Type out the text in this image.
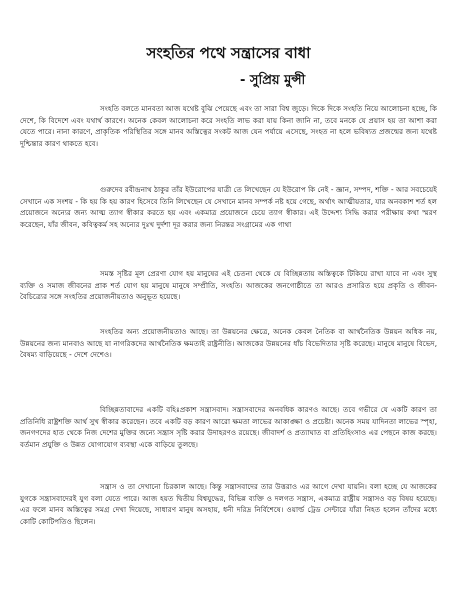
সংহতির পথে সন্ত্রাসের বাধা
- সুপ্রিয় মুন্সী

সংহতি বলতে মানবতা আজ যথেষ্ট বুঝি পেয়েছে এবং তা সারা বিশ্ব জুড়ে। দিকে দিকে সংহতি নিয়ে আলোচনা হচ্ছে, কি দেশে, কি বিদেশে এবং যথার্থ কারণে। অনেক কেবল আলোচনা করে সংহতি লাভ করা যায় কিনা জানি না, তবে মনকে যে প্রয়াস হয় তা আশা করা যেতে পারে। নানা কারণে, প্রাকৃতিক পরিস্থিতির সঙ্গে মানব অস্তিত্বের সংকট আজ যেন পর্যায়ে এসেছে, সংহত না হলে ভবিষ্যত প্রজন্মের জন্য যথেষ্ট দুশ্চিন্তার কারণ থাকতে হবে।

গুরুদেব রবীন্দ্রনাথ ঠাকুর তাঁর ইউরোপের যাত্রী তে লিখেছেন যে ইউরোপ কি নেই - জ্ঞান, সম্পদ, শক্তি - আর সবচেয়েই সেখানে এক সংশয় - কি হয় কি হয় কারণ হিসেবে তিনি লিখেছেন যে সেখানে মানব সম্পর্ক নষ্ট হয়ে গেছে, অর্থাৎ আত্মীয়তার, যার অনবকাশ শর্ত হল প্রয়োজনে অন্যের জন্য আত্ম ত্যাগ স্বীকার করতে হয় এবং একমাত্র প্রয়োজনে চেয়ে ত্যাগ স্বীকার। এই উদ্দেশ্য সিদ্ধি করার পরীক্ষায় কথা স্মরণ করেছেন, যাঁর জীবন, কবিত্বকর্ম সহ অন্যের দুঃখ দুর্দশা দূর করার জন্য নিরন্তর সংগ্রামের এক গাথা

সমস্ত সৃষ্টির মূল প্রেরণা যোগ হয় মানুষের এই চেতনা থেকে যে বিচ্ছিন্নতায় অস্তিত্বকে টিকিয়ে রাখা যাবে না এবং সুস্থ ব্যক্তি ও সমাজ জীবনের প্রাক শর্ত যোগ হয় মানুষে মানুষে সম্প্রীতি, সংহতি। আজকের জনগোষ্ঠীতে তা আরও প্রসারিত হয়ে প্রকৃতি ও জীবন-বৈচিত্র্যের সঙ্গে সংহতির প্রয়োজনীয়তাও অনুভূত হয়েছে।

সংহতির অন্য প্রয়োজনীয়তাও আছে। তা উন্নয়নের ক্ষেত্রে, অনেক কেবল নৈতিক বা আর্থনৈতিক উন্নয়ন অধিক নয়, উন্নয়নের জন্য মানবাও আছে যা নাগরিকদের আর্থনৈতিক ক্ষমতাই রাষ্ট্রনীতি। আজকের উন্নয়নের ধাঁচ বিভেদিতার সৃষ্টি করেছে। মানুষে মানুষে বিভেদ, বৈষম্য বাড়িয়েছে - দেশে দেশেও।

বিচ্ছিন্নতাবাদের একটি বহিঃপ্রকাশ সন্ত্রাসবাদ। সন্ত্রাসবাদের অনবধিক কারণও আছে। তবে গভীরে যে একটি কারণ তা প্রতিনিধি রাষ্ট্রশক্তি আর্থ সুখ স্বীকার করেছেন। তবে একটি বড় কারণ আরো ক্ষমতা লাভের আকাঙ্ক্ষা ও প্রচেষ্টা। অনেক সময় যাদিনতা লাভের স্পৃহা, জনগণদের হাত থেকে নিজ দেশের মুক্তির জন্যে সন্ত্রাস সৃষ্টি করার উদাহরণও রয়েছে। জীবাদর্শ ও প্রত্যাঘাত বা প্রতিহিংসাও এর পেছনে কাজ করছে। বর্তমান প্রযুক্তি ও উন্নত যোগাযোগ ব্যবস্থা একে বাড়িয়ে তুলছে।

সন্ত্রাস ও তা দেখানো চিরকাল আছে। কিন্তু সন্ত্রাসবাদের তার উত্তরাও এর আগে দেখা যায়নি। বলা হচ্ছে যে আজকের যুগকে সন্ত্রাসবাদেরই যুগ বলা যেতে পারে। আজ হয়ত দ্বিতীয় বিশ্বযুদ্ধের, বিভিন্ন ব্যক্তি ও দলগত সন্ত্রাস, একমাত্র রাষ্ট্রীয় সন্ত্রাসও বড় বিষয় হয়েছে। এর ফলে মানব অস্তিত্বের সমগ্র দেখা দিয়েছে, সাধারণ মানুষ অসহায়, ধনী দরিদ্র নির্বিশেষে। ওয়ার্ল্ড ট্রেড সেন্টারে যাঁরা নিহত হলেন তাঁদের মধ্যে কোটি কোটিপতিও ছিলেন।
